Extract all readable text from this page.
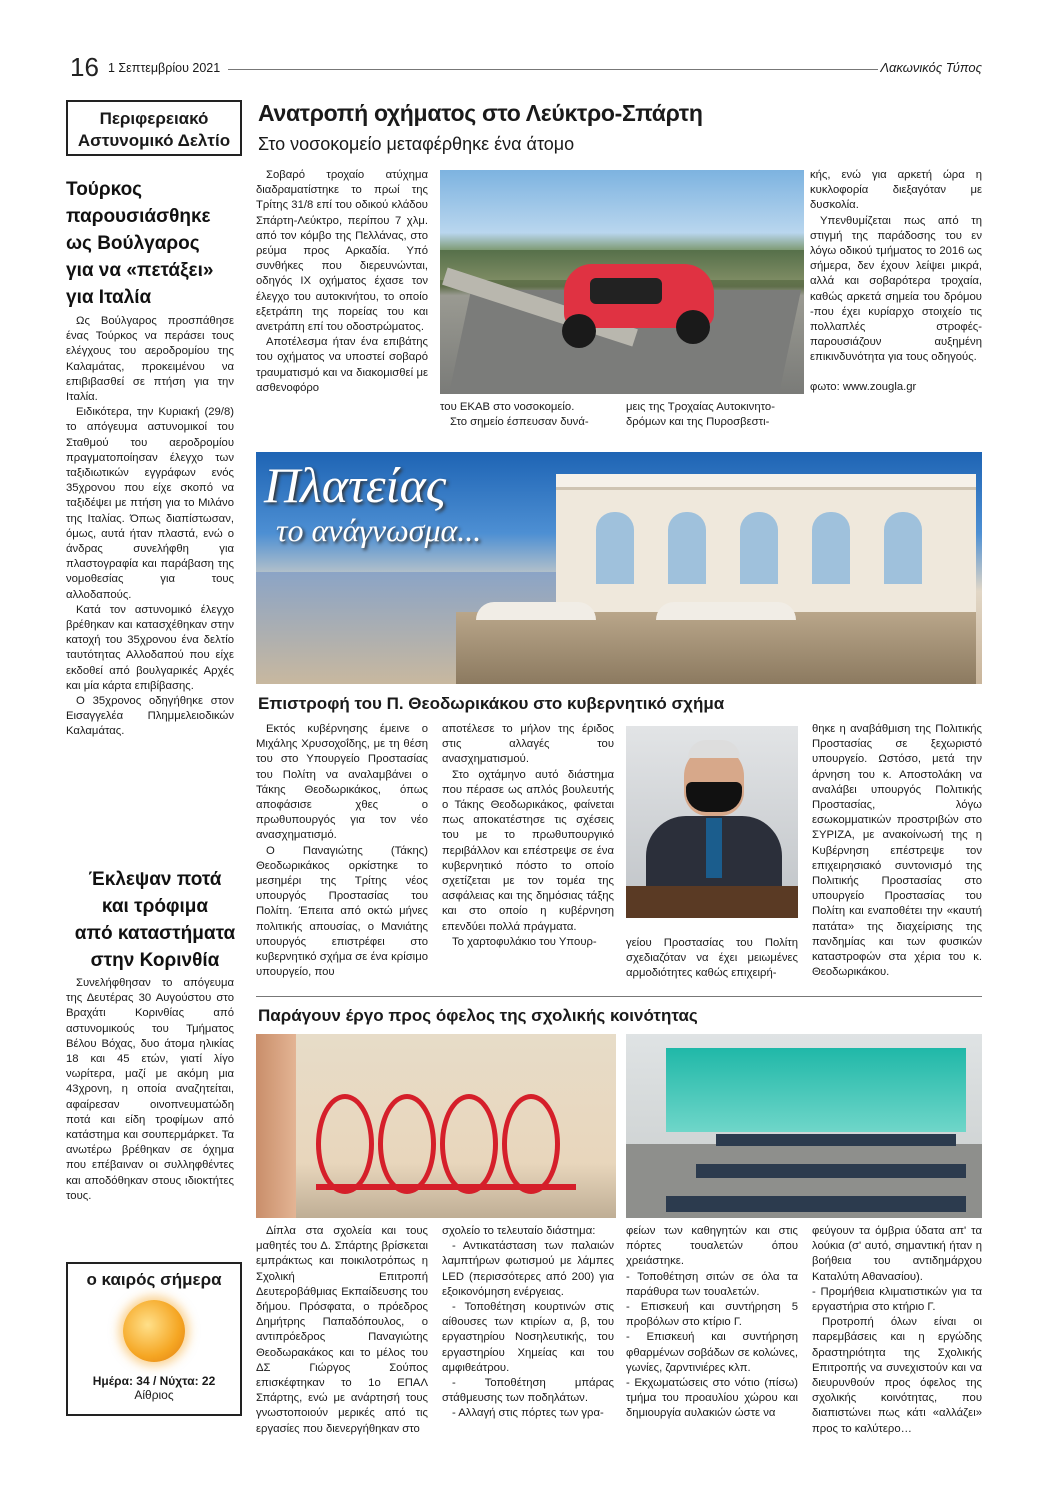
16 1 Σεπτεμβρίου 2021	Λακωνικός Τύπος
Περιφερειακό
Αστυνομικό Δελτίο
Τούρκος
παρουσιάσθηκε
ως Βούλγαρος
για να «πετάξει»
για Ιταλία

Ως Βούλγαρος προσπάθησε ένας Τούρκος να περάσει τους ελέγχους του αεροδρομίου της Καλαμάτας, προκειμένου να επιβιβασθεί σε πτήση για την Ιταλία.

Ειδικότερα, την Κυριακή (29/8) το απόγευμα αστυνομικοί του Σταθμού του αεροδρομίου πραγματοποίησαν έλεγχο των ταξιδιωτικών εγγράφων ενός 35χρονου που είχε σκοπό να ταξιδέψει με πτήση για το Μιλάνο της Ιταλίας. Όπως διαπίστωσαν, όμως, αυτά ήταν πλαστά, ενώ ο άνδρας συνελήφθη για πλαστογραφία και παράβαση της νομοθεσίας για τους αλλοδαπούς.

Κατά τον αστυνομικό έλεγχο βρέθηκαν και κατασχέθηκαν στην κατοχή του 35χρονου ένα δελτίο ταυτότητας Αλλοδαπού που είχε εκδοθεί από βουλγαρικές Αρχές και μία κάρτα επιβίβασης.

Ο 35χρονος οδηγήθηκε στον Εισαγγελέα Πλημμελειοδικών Καλαμάτας.

Έκλεψαν ποτά
και τρόφιμα
από καταστήματα
στην Κορινθία

Συνελήφθησαν το απόγευμα της Δευτέρας 30 Αυγούστου στο Βραχάτι Κορινθίας από αστυνομικούς του Τμήματος Βέλου Βόχας, δυο άτομα ηλικίας 18 και 45 ετών, γιατί λίγο νωρίτερα, μαζί με ακόμη μια 43χρονη, η οποία αναζητείται, αφαίρεσαν οινοπνευματώδη ποτά και είδη τροφίμων από κατάστημα και σουπερμάρκετ. Τα ανωτέρω βρέθηκαν σε όχημα που επέβαιναν οι συλληφθέντες και αποδόθηκαν στους ιδιοκτήτες τους.

ο καιρός σήμερα
Ημέρα: 34 / Νύχτα: 22
Αίθριος
Ανατροπή οχήματος στο Λεύκτρο-Σπάρτη
Στο νοσοκομείο μεταφέρθηκε ένα άτομο

Σοβαρό τροχαίο ατύχημα διαδραματίστηκε το πρωί της Τρίτης 31/8 επί του οδικού κλάδου Σπάρτη-Λεύκτρο, περίπου 7 χλμ. από τον κόμβο της Πελλάνας, στο ρεύμα προς Αρκαδία. Υπό συνθήκες που διερευνώνται, οδηγός ΙΧ οχήματος έχασε τον έλεγχο του αυτοκινήτου, το οποίο εξετράπη της πορείας του και ανετράπη επί του οδοστρώματος.

Αποτέλεσμα ήταν ένα επιβάτης του οχήματος να υποστεί σοβαρό τραυματισμό και να διακομισθεί με ασθενοφόρο

του ΕΚΑΒ στο νοσοκομείο.

Στο σημείο έσπευσαν δυνά-

μεις της Τροχαίας Αυτοκινητο-

δρόμων και της Πυροσβεστι-

κής, ενώ για αρκετή ώρα η κυκλοφορία διεξαγόταν με δυσκολία.

Υπενθυμίζεται πως από τη στιγμή της παράδοσης του εν λόγω οδικού τμήματος το 2016 ως σήμερα, δεν έχουν λείψει μικρά, αλλά και σοβαρότερα τροχαία, καθώς αρκετά σημεία του δρόμου -που έχει κυρίαρχο στοιχείο τις πολλαπλές στροφές- παρουσιάζουν αυξημένη επικινδυνότητα για τους οδηγούς.

φωτο: www.zougla.gr

Πλατείας
το ανάγνωσμα...
Επιστροφή του Π. Θεοδωρικάκου στο κυβερνητικό σχήμα

Εκτός κυβέρνησης έμεινε ο Μιχάλης Χρυσοχοΐδης, με τη θέση του στο Υπουργείο Προστασίας του Πολίτη να αναλαμβάνει ο Τάκης Θεοδωρικάκος, όπως αποφάσισε χθες ο πρωθυπουργός για τον νέο ανασχηματισμό.

Ο Παναγιώτης (Τάκης) Θεοδωρικάκος ορκίστηκε το μεσημέρι της Τρίτης νέος υπουργός Προστασίας του Πολίτη. Έπειτα από οκτώ μήνες πολιτικής απουσίας, ο Μανιάτης υπουργός επιστρέφει στο κυβερνητικό σχήμα σε ένα κρίσιμο υπουργείο, που

αποτέλεσε το μήλον της έριδος στις αλλαγές του ανασχηματισμού.

Στο οχτάμηνο αυτό διάστημα που πέρασε ως απλός βουλευτής ο Τάκης Θεοδωρικάκος, φαίνεται πως αποκατέστησε τις σχέσεις του με το πρωθυπουργικό περιβάλλον και επέστρεψε σε ένα κυβερνητικό πόστο το οποίο σχετίζεται με τον τομέα της ασφάλειας και της δημόσιας τάξης και στο οποίο η κυβέρνηση επενδύει πολλά πράγματα.

Το χαρτοφυλάκιο του Υπουρ-	γείου Προστασίας του Πολίτη σχεδιαζόταν να έχει μειωμένες αρμοδιότητες καθώς επιχειρή-

θηκε η αναβάθμιση της Πολιτικής Προστασίας σε ξεχωριστό υπουργείο. Ωστόσο, μετά την άρνηση του κ. Αποστολάκη να αναλάβει υπουργός Πολιτικής Προστασίας, λόγω εσωκομματικών προστριβών στο ΣΥΡΙΖΑ, με ανακοίνωσή της η Κυβέρνηση επέστρεψε τον επιχειρησιακό συντονισμό της Πολιτικής Προστασίας στο υπουργείο Προστασίας του Πολίτη και εναποθέτει την «καυτή πατάτα» της διαχείρισης της πανδημίας και των φυσικών καταστροφών στα χέρια του κ. Θεοδωρικάκου.

Παράγουν έργο προς όφελος της σχολικής κοινότητας

Δίπλα στα σχολεία και τους μαθητές του Δ. Σπάρτης βρίσκεται εμπράκτως και ποικιλοτρόπως η Σχολική Επιτροπή Δευτεροβάθμιας Εκπαίδευσης του δήμου. Πρόσφατα, ο πρόεδρος Δημήτρης Παπαδόπουλος, ο αντιπρόεδρος Παναγιώτης Θεοδωρακάκος και το μέλος του ΔΣ Γιώργος Σούπος επισκέφτηκαν το 1ο ΕΠΑΛ Σπάρτης, ενώ με ανάρτησή τους γνωστοποιούν μερικές από τις εργασίες που διενεργήθηκαν στο

σχολείο το τελευταίο διάστημα:

- Αντικατάσταση των παλαιών λαμπτήρων φωτισμού με λάμπες LED (περισσότερες από 200) για εξοικονόμηση ενέργειας.

- Τοποθέτηση κουρτινών στις αίθουσες των κτιρίων α, β, του εργαστηρίου Νοσηλευτικής, του εργαστηρίου Χημείας και του αμφιθεάτρου.

- Τοποθέτηση μπάρας στάθμευσης των ποδηλάτων.

- Αλλαγή στις πόρτες των γρα-

φείων των καθηγητών και στις πόρτες τουαλετών όπου χρειάστηκε.

- Τοποθέτηση σιτών σε όλα τα παράθυρα των τουαλετών.

- Επισκευή και συντήρηση 5 προβόλων στο κτίριο Γ.

- Επισκευή και συντήρηση φθαρμένων σοβάδων σε κολώνες, γωνίες, ζαρντινιέρες κλπ.

- Εκχωματώσεις στο νότιο (πίσω) τμήμα του προαυλίου χώρου και δημιουργία αυλακιών ώστε να

φεύγουν τα όμβρια ύδατα απ' τα λούκια (σ' αυτό, σημαντική ήταν η βοήθεια του αντιδημάρχου Καταλύτη Αθανασίου).

- Προμήθεια κλιματιστικών για τα εργαστήρια στο κτήριο Γ.

Προτροπή όλων είναι οι παρεμβάσεις και η εργώδης δραστηριότητα της Σχολικής Επιτροπής να συνεχιστούν και να διευρυνθούν προς όφελος της σχολικής κοινότητας, που διαπιστώνει πως κάτι «αλλάζει» προς το καλύτερο…
